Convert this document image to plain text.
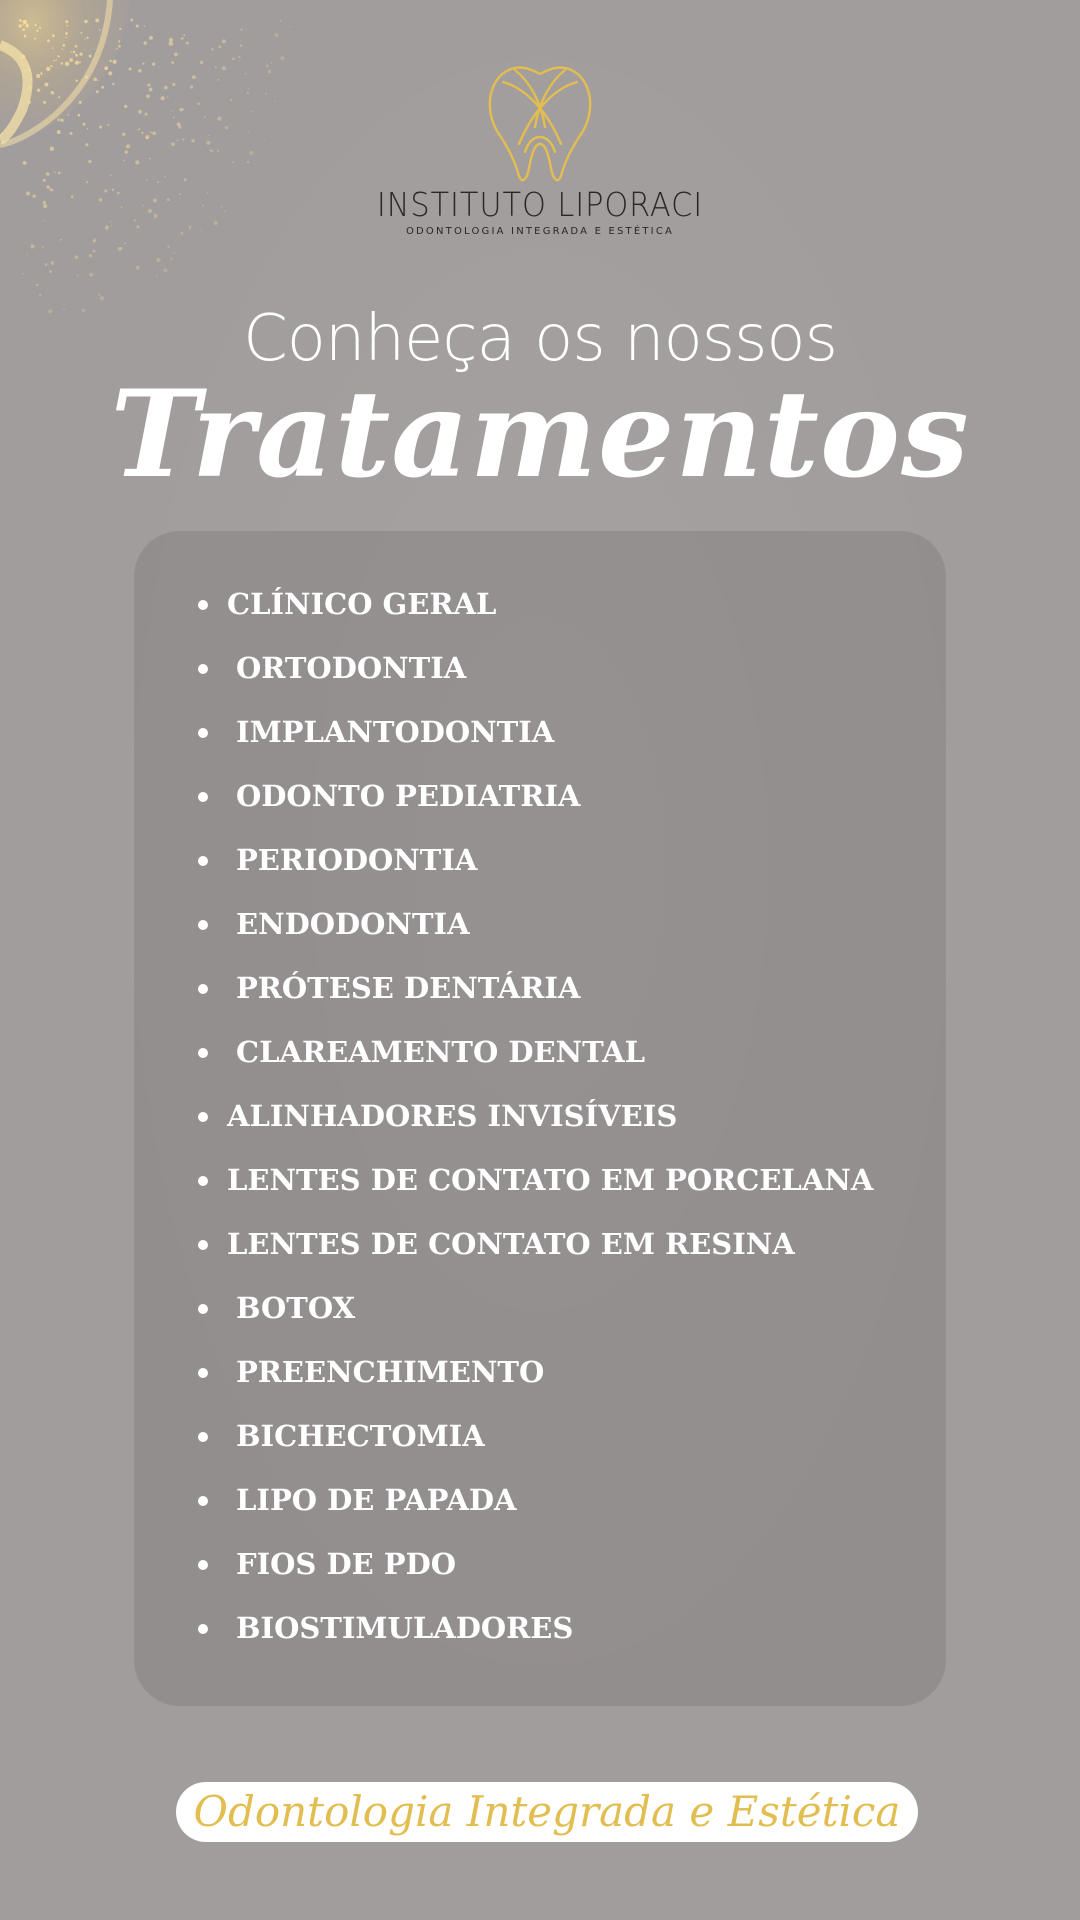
INSTITUTO LIPORACI
ODONTOLOGIA INTEGRADA E ESTÉTICA
Conheça os nossos
Tratamentos
CLÍNICO GERAL
ORTODONTIA
IMPLANTODONTIA
ODONTO PEDIATRIA
PERIODONTIA
ENDODONTIA
PRÓTESE DENTÁRIA
CLAREAMENTO DENTAL
ALINHADORES INVISÍVEIS
LENTES DE CONTATO EM PORCELANA
LENTES DE CONTATO EM RESINA
BOTOX
PREENCHIMENTO
BICHECTOMIA
LIPO DE PAPADA
FIOS DE PDO
BIOSTIMULADORES
Odontologia Integrada e Estética
